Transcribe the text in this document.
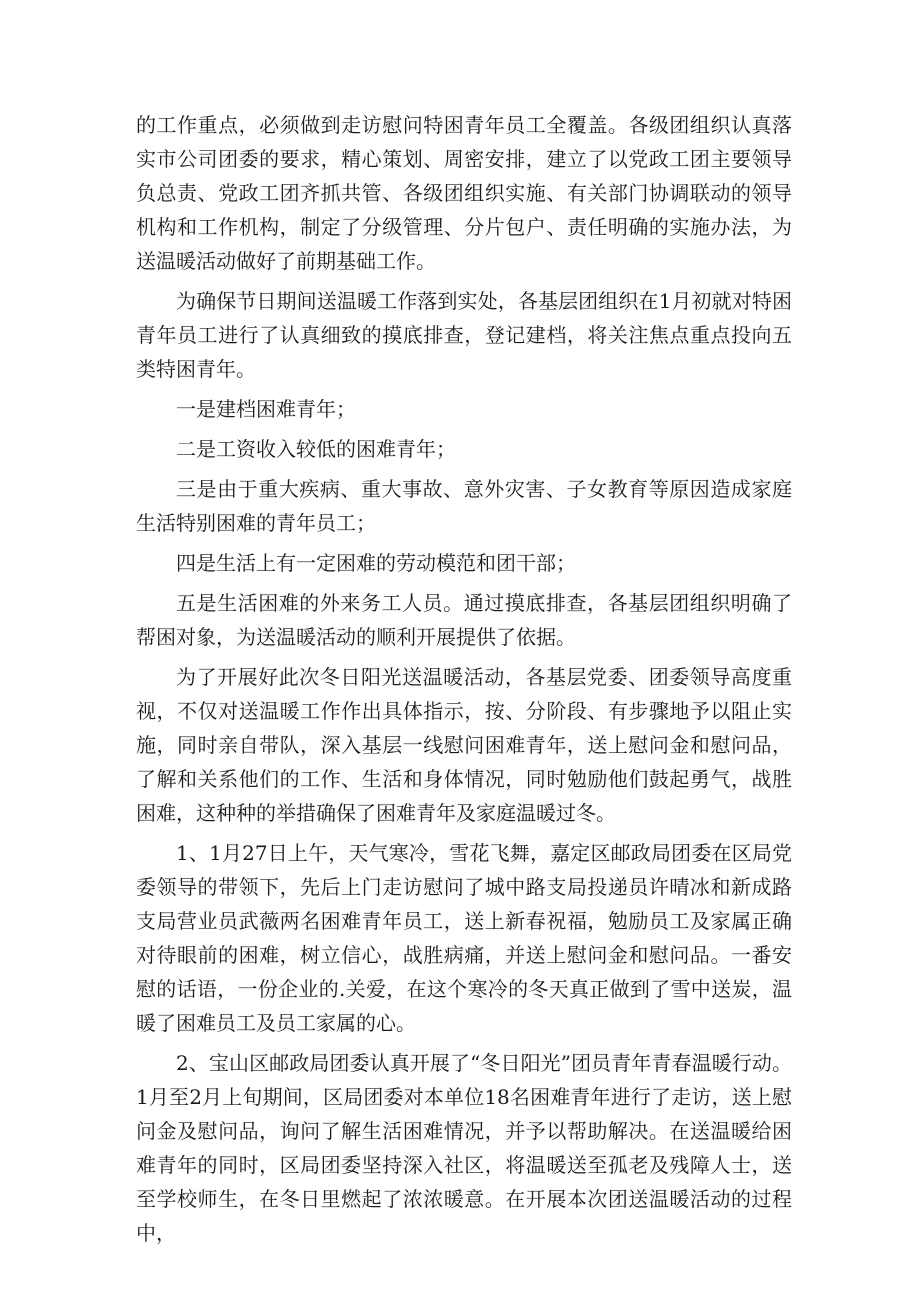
的工作重点，必须做到走访慰问特困青年员工全覆盖。各级团组织认真落实市公司团委的要求，精心策划、周密安排，建立了以党政工团主要领导负总责、党政工团齐抓共管、各级团组织实施、有关部门协调联动的领导机构和工作机构，制定了分级管理、分片包户、责任明确的实施办法，为送温暖活动做好了前期基础工作。

为确保节日期间送温暖工作落到实处，各基层团组织在1月初就对特困青年员工进行了认真细致的摸底排查，登记建档，将关注焦点重点投向五类特困青年。

一是建档困难青年；

二是工资收入较低的困难青年；

三是由于重大疾病、重大事故、意外灾害、子女教育等原因造成家庭生活特别困难的青年员工；

四是生活上有一定困难的劳动模范和团干部；

五是生活困难的外来务工人员。通过摸底排查，各基层团组织明确了帮困对象，为送温暖活动的顺利开展提供了依据。

为了开展好此次冬日阳光送温暖活动，各基层党委、团委领导高度重视，不仅对送温暖工作作出具体指示，按、分阶段、有步骤地予以阻止实施，同时亲自带队，深入基层一线慰问困难青年，送上慰问金和慰问品，了解和关系他们的工作、生活和身体情况，同时勉励他们鼓起勇气，战胜困难，这种种的举措确保了困难青年及家庭温暖过冬。

1、1月27日上午，天气寒冷，雪花飞舞，嘉定区邮政局团委在区局党委领导的带领下，先后上门走访慰问了城中路支局投递员许晴冰和新成路支局营业员武薇两名困难青年员工，送上新春祝福，勉励员工及家属正确对待眼前的困难，树立信心，战胜病痛，并送上慰问金和慰问品。一番安慰的话语，一份企业的.关爱，在这个寒冷的冬天真正做到了雪中送炭，温暖了困难员工及员工家属的心。

2、宝山区邮政局团委认真开展了“冬日阳光”团员青年青春温暖行动。1月至2月上旬期间，区局团委对本单位18名困难青年进行了走访，送上慰问金及慰问品，询问了解生活困难情况，并予以帮助解决。在送温暖给困难青年的同时，区局团委坚持深入社区，将温暖送至孤老及残障人士，送至学校师生，在冬日里燃起了浓浓暖意。在开展本次团送温暖活动的过程中，
